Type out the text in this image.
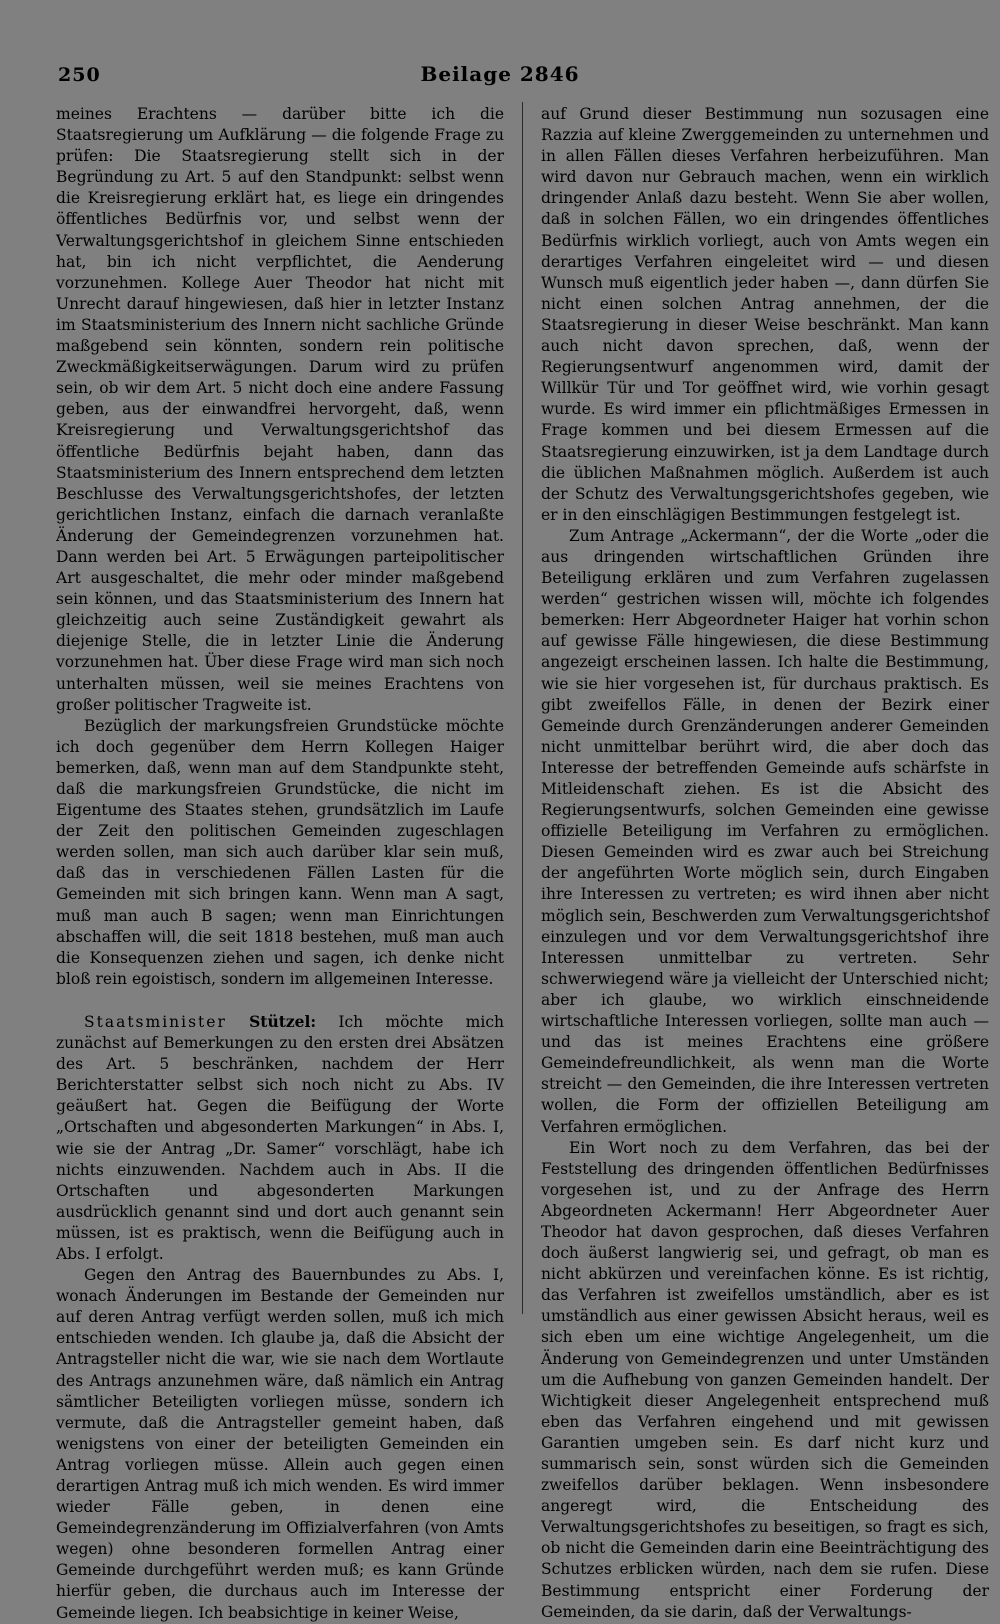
250	Beilage 2846

meines Erachtens — darüber bitte ich die Staatsregierung um Aufklärung — die folgende Frage zu prüfen: Die Staatsregierung stellt sich in der Begründung zu Art. 5 auf den Standpunkt: selbst wenn die Kreisregierung erklärt hat, es liege ein dringendes öffentliches Bedürfnis vor, und selbst wenn der Verwaltungsgerichtshof in gleichem Sinne entschieden hat, bin ich nicht verpflichtet, die Aenderung vorzunehmen. Kollege Auer Theodor hat nicht mit Unrecht darauf hingewiesen, daß hier in letzter Instanz im Staatsministerium des Innern nicht sachliche Gründe maßgebend sein könnten, sondern rein politische Zweckmäßigkeitserwägungen. Darum wird zu prüfen sein, ob wir dem Art. 5 nicht doch eine andere Fassung geben, aus der einwandfrei hervorgeht, daß, wenn Kreisregierung und Verwaltungsgerichtshof das öffentliche Bedürfnis bejaht haben, dann das Staatsministerium des Innern entsprechend dem letzten Beschlusse des Verwaltungsgerichtshofes, der letzten gerichtlichen Instanz, einfach die darnach veranlaßte Änderung der Gemeindegrenzen vorzunehmen hat. Dann werden bei Art. 5 Erwägungen parteipolitischer Art ausgeschaltet, die mehr oder minder maßgebend sein können, und das Staatsministerium des Innern hat gleichzeitig auch seine Zuständigkeit gewahrt als diejenige Stelle, die in letzter Linie die Änderung vorzunehmen hat. Über diese Frage wird man sich noch unterhalten müssen, weil sie meines Erachtens von großer politischer Tragweite ist.

Bezüglich der markungsfreien Grundstücke möchte ich doch gegenüber dem Herrn Kollegen Haiger bemerken, daß, wenn man auf dem Standpunkte steht, daß die markungsfreien Grundstücke, die nicht im Eigentume des Staates stehen, grundsätzlich im Laufe der Zeit den politischen Gemeinden zugeschlagen werden sollen, man sich auch darüber klar sein muß, daß das in verschiedenen Fällen Lasten für die Gemeinden mit sich bringen kann. Wenn man A sagt, muß man auch B sagen; wenn man Einrichtungen abschaffen will, die seit 1818 bestehen, muß man auch die Konsequenzen ziehen und sagen, ich denke nicht bloß rein egoistisch, sondern im allgemeinen Interesse.

Staatsminister Stützel: Ich möchte mich zunächst auf Bemerkungen zu den ersten drei Absätzen des Art. 5 beschränken, nachdem der Herr Berichterstatter selbst sich noch nicht zu Abs. IV geäußert hat. Gegen die Beifügung der Worte „Ortschaften und abgesonderten Markungen“ in Abs. I, wie sie der Antrag „Dr. Samer“ vorschlägt, habe ich nichts einzuwenden. Nachdem auch in Abs. II die Ortschaften und abgesonderten Markungen ausdrücklich genannt sind und dort auch genannt sein müssen, ist es praktisch, wenn die Beifügung auch in Abs. I erfolgt.

Gegen den Antrag des Bauernbundes zu Abs. I, wonach Änderungen im Bestande der Gemeinden nur auf deren Antrag verfügt werden sollen, muß ich mich entschieden wenden. Ich glaube ja, daß die Absicht der Antragsteller nicht die war, wie sie nach dem Wortlaute des Antrags anzunehmen wäre, daß nämlich ein Antrag sämtlicher Beteiligten vorliegen müsse, sondern ich vermute, daß die Antragsteller gemeint haben, daß wenigstens von einer der beteiligten Gemeinden ein Antrag vorliegen müsse. Allein auch gegen einen derartigen Antrag muß ich mich wenden. Es wird immer wieder Fälle geben, in denen eine Gemeindegrenzänderung im Offizialverfahren (von Amts wegen) ohne besonderen formellen Antrag einer Gemeinde durchgeführt werden muß; es kann Gründe hierfür geben, die durchaus auch im Interesse der Gemeinde liegen. Ich beabsichtige in keiner Weise,

auf Grund dieser Bestimmung nun sozusagen eine Razzia auf kleine Zwerggemeinden zu unternehmen und in allen Fällen dieses Verfahren herbeizuführen. Man wird davon nur Gebrauch machen, wenn ein wirklich dringender Anlaß dazu besteht. Wenn Sie aber wollen, daß in solchen Fällen, wo ein dringendes öffentliches Bedürfnis wirklich vorliegt, auch von Amts wegen ein derartiges Verfahren eingeleitet wird — und diesen Wunsch muß eigentlich jeder haben —, dann dürfen Sie nicht einen solchen Antrag annehmen, der die Staatsregierung in dieser Weise beschränkt. Man kann auch nicht davon sprechen, daß, wenn der Regierungsentwurf angenommen wird, damit der Willkür Tür und Tor geöffnet wird, wie vorhin gesagt wurde. Es wird immer ein pflichtmäßiges Ermessen in Frage kommen und bei diesem Ermessen auf die Staatsregierung einzuwirken, ist ja dem Landtage durch die üblichen Maßnahmen möglich. Außerdem ist auch der Schutz des Verwaltungsgerichtshofes gegeben, wie er in den einschlägigen Bestimmungen festgelegt ist.

Zum Antrage „Ackermann“, der die Worte „oder die aus dringenden wirtschaftlichen Gründen ihre Beteiligung erklären und zum Verfahren zugelassen werden“ gestrichen wissen will, möchte ich folgendes bemerken: Herr Abgeordneter Haiger hat vorhin schon auf gewisse Fälle hingewiesen, die diese Bestimmung angezeigt erscheinen lassen. Ich halte die Bestimmung, wie sie hier vorgesehen ist, für durchaus praktisch. Es gibt zweifellos Fälle, in denen der Bezirk einer Gemeinde durch Grenzänderungen anderer Gemeinden nicht unmittelbar berührt wird, die aber doch das Interesse der betreffenden Gemeinde aufs schärfste in Mitleidenschaft ziehen. Es ist die Absicht des Regierungsentwurfs, solchen Gemeinden eine gewisse offizielle Beteiligung im Verfahren zu ermöglichen. Diesen Gemeinden wird es zwar auch bei Streichung der angeführten Worte möglich sein, durch Eingaben ihre Interessen zu vertreten; es wird ihnen aber nicht möglich sein, Beschwerden zum Verwaltungsgerichtshof einzulegen und vor dem Verwaltungsgerichtshof ihre Interessen unmittelbar zu vertreten. Sehr schwerwiegend wäre ja vielleicht der Unterschied nicht; aber ich glaube, wo wirklich einschneidende wirtschaftliche Interessen vorliegen, sollte man auch — und das ist meines Erachtens eine größere Gemeindefreundlichkeit, als wenn man die Worte streicht — den Gemeinden, die ihre Interessen vertreten wollen, die Form der offiziellen Beteiligung am Verfahren ermöglichen.

Ein Wort noch zu dem Verfahren, das bei der Feststellung des dringenden öffentlichen Bedürfnisses vorgesehen ist, und zu der Anfrage des Herrn Abgeordneten Ackermann! Herr Abgeordneter Auer Theodor hat davon gesprochen, daß dieses Verfahren doch äußerst langwierig sei, und gefragt, ob man es nicht abkürzen und vereinfachen könne. Es ist richtig, das Verfahren ist zweifellos umständlich, aber es ist umständlich aus einer gewissen Absicht heraus, weil es sich eben um eine wichtige Angelegenheit, um die Änderung von Gemeindegrenzen und unter Umständen um die Aufhebung von ganzen Gemeinden handelt. Der Wichtigkeit dieser Angelegenheit entsprechend muß eben das Verfahren eingehend und mit gewissen Garantien umgeben sein. Es darf nicht kurz und summarisch sein, sonst würden sich die Gemeinden zweifellos darüber beklagen. Wenn insbesondere angeregt wird, die Entscheidung des Verwaltungsgerichtshofes zu beseitigen, so fragt es sich, ob nicht die Gemeinden darin eine Beeinträchtigung des Schutzes erblicken würden, nach dem sie rufen. Diese Bestimmung entspricht einer Forderung der Gemeinden, da sie darin, daß der Verwaltungs-
